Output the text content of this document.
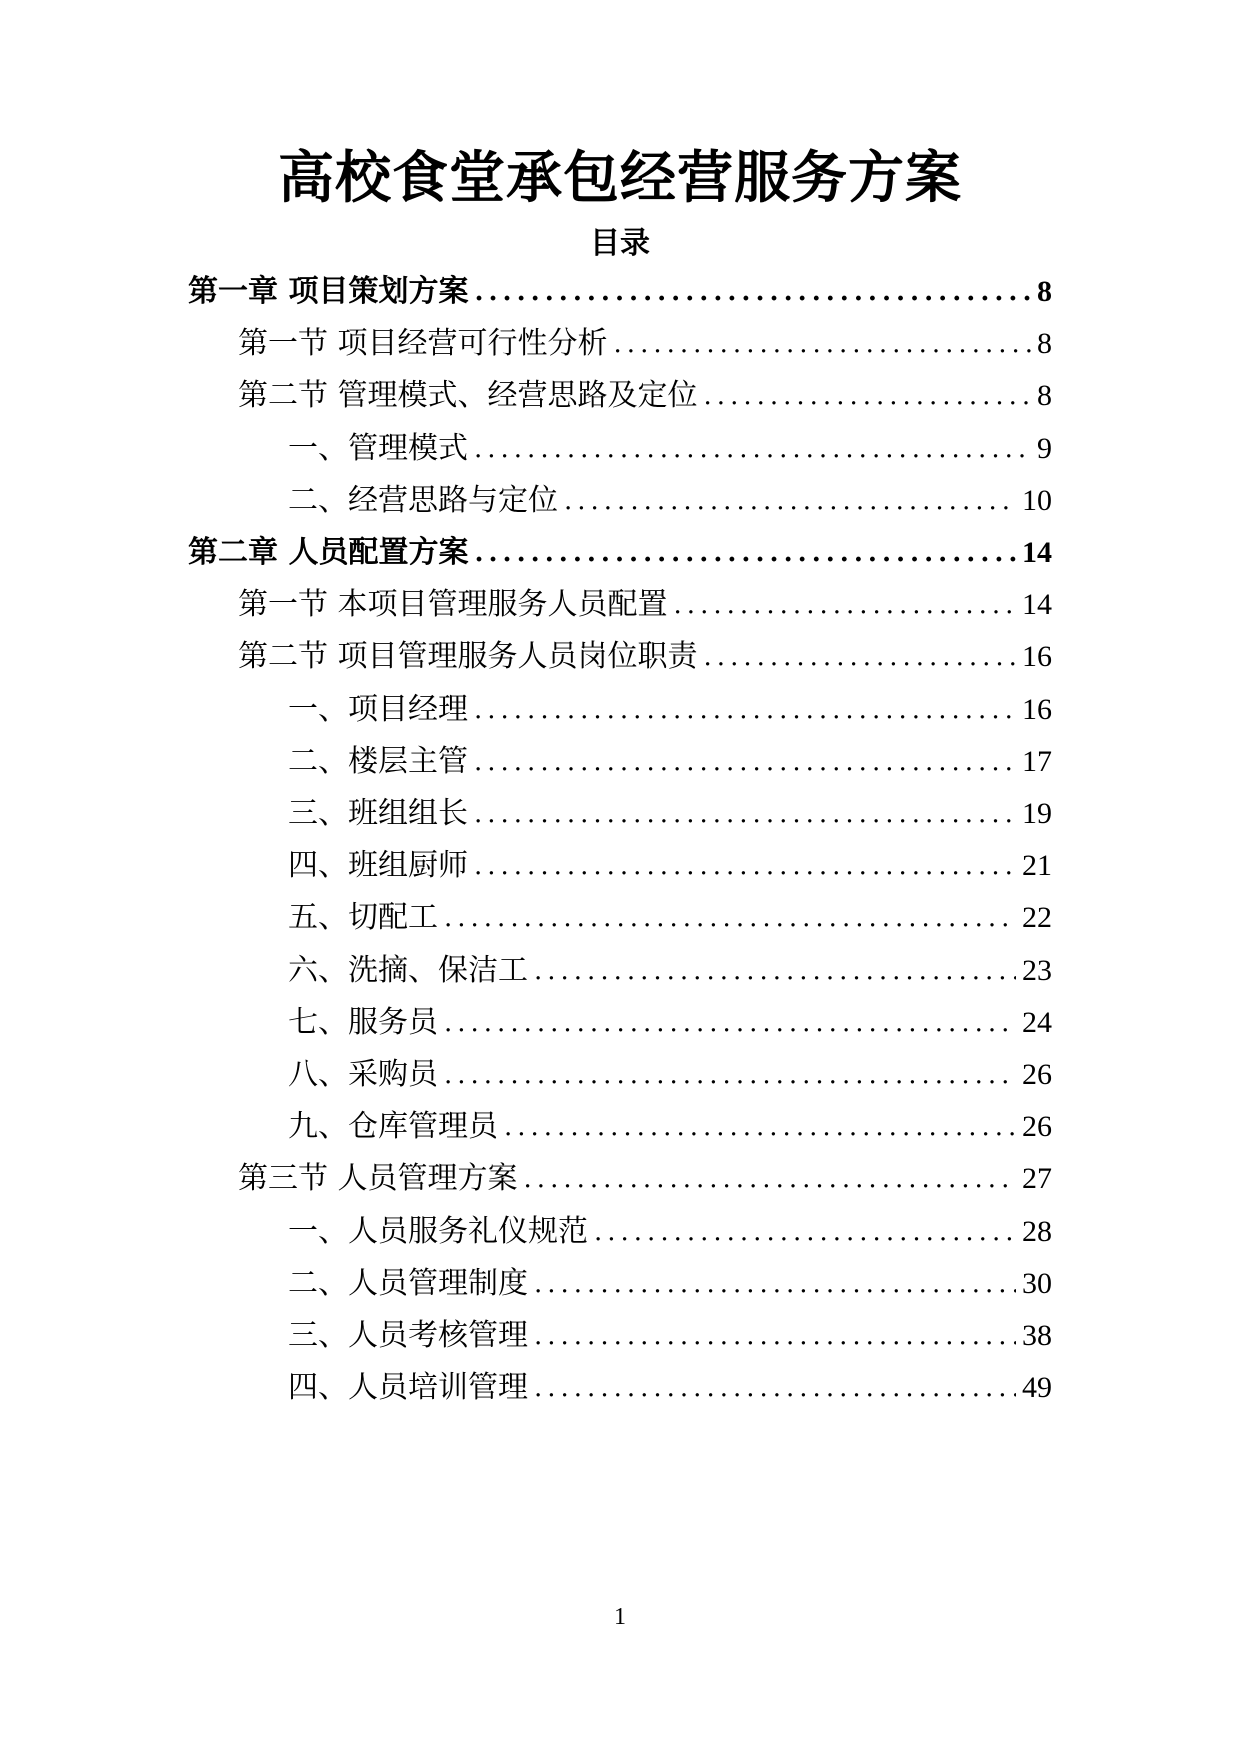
高校食堂承包经营服务方案
目录
第一章 项目策划方案 .....	8
第一节 项目经营可行性分析 .....	8
第二节 管理模式、经营思路及定位 .....	8
一、管理模式 .....	9
二、经营思路与定位 .....	10
第二章 人员配置方案 .....	14
第一节 本项目管理服务人员配置 .....	14
第二节 项目管理服务人员岗位职责 .....	16
一、项目经理 .....	16
二、楼层主管 .....	17
三、班组组长 .....	19
四、班组厨师 .....	21
五、切配工 .....	22
六、洗摘、保洁工 .....	23
七、服务员 .....	24
八、采购员 .....	26
九、仓库管理员 .....	26
第三节 人员管理方案 .....	27
一、人员服务礼仪规范 .....	28
二、人员管理制度 .....	30
三、人员考核管理 .....	38
四、人员培训管理 .....	49
1
